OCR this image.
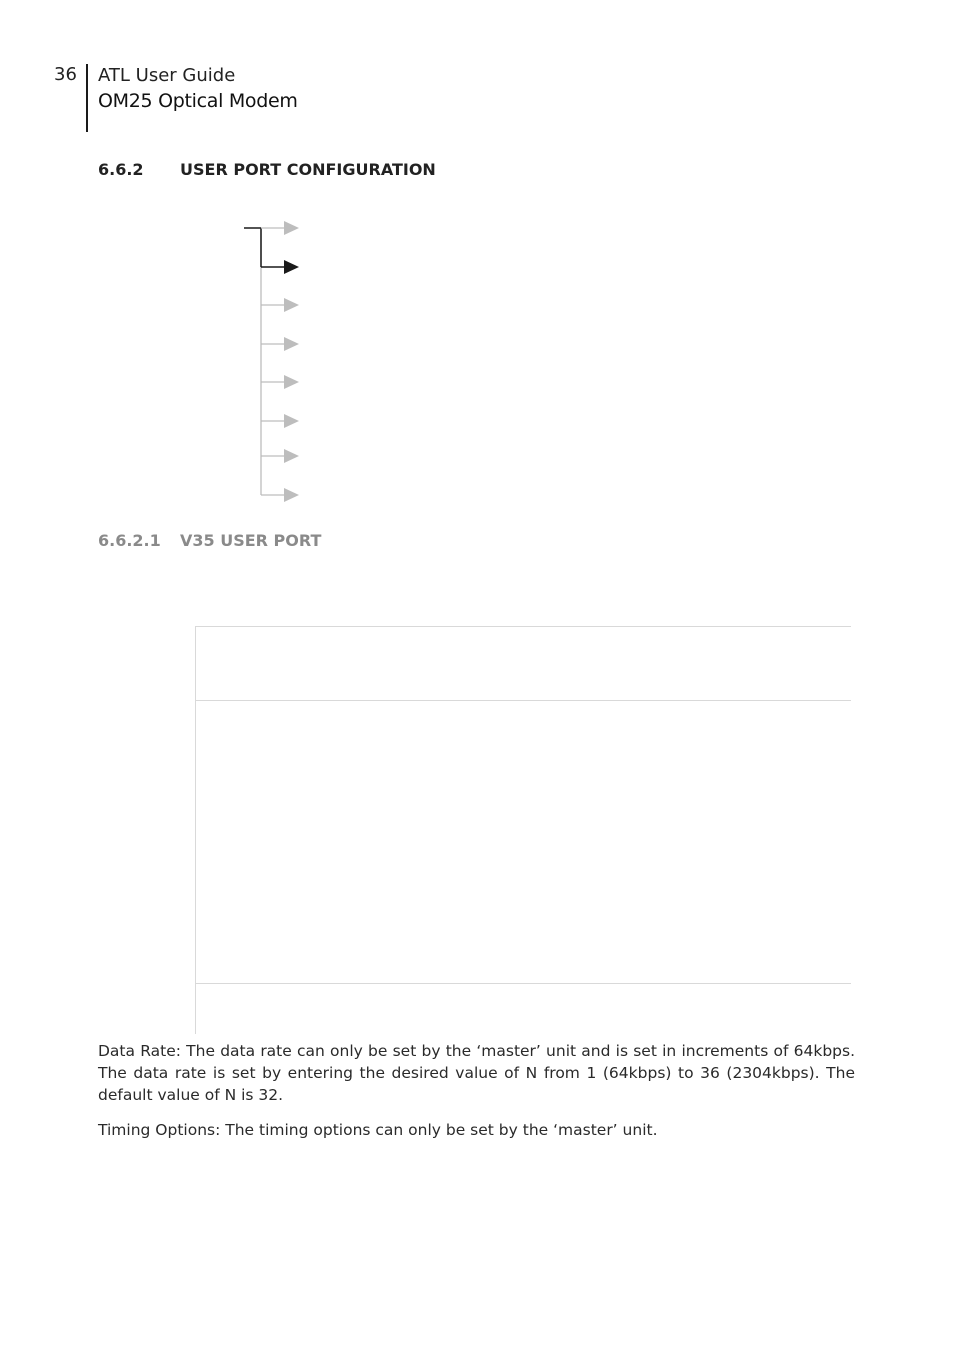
36 ATL User Guide
OM25 Optical Modem
6.6.2 USER PORT CONFIGURATION
6.6.2.1 V35 USER PORT

Data Rate: The data rate can only be set by the ‘master’ unit and is set in increments of 64kbps. The data rate is set by entering the desired value of N from 1 (64kbps) to 36 (2304kbps). The default value of N is 32.

Timing Options: The timing options can only be set by the ‘master’ unit.
